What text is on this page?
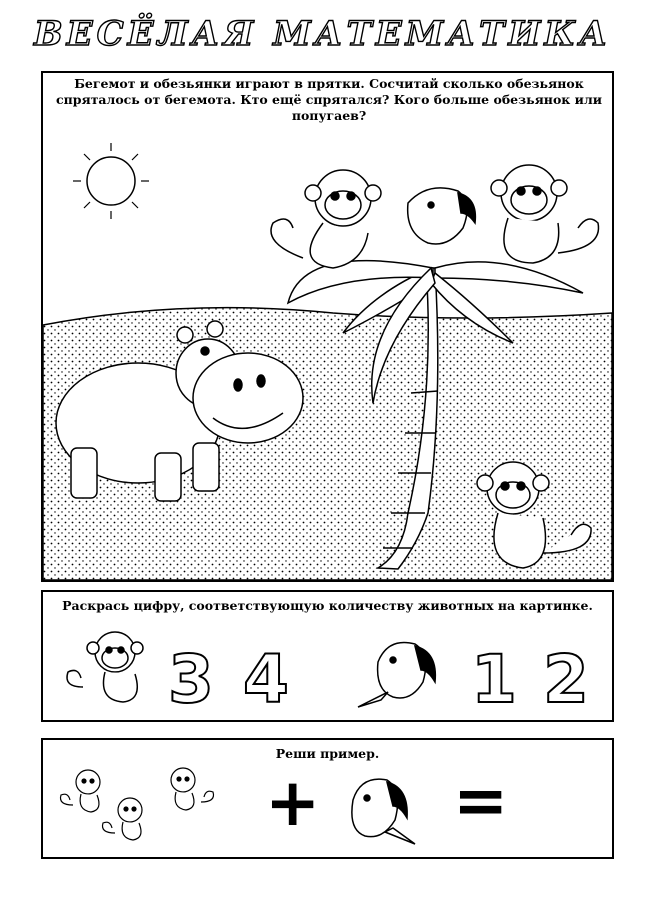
ВЕСЁЛАЯ МАТЕМАТИКА
Бегемот и обезьянки играют в прятки. Сосчитай сколько обезьянок спряталось от бегемота. Кто ещё спрятался? Кого больше обезьянок или попугаев?
Раскрась цифру, соответствующую количеству животных на картинке.
3 4	1 2
Реши пример.
+ =
